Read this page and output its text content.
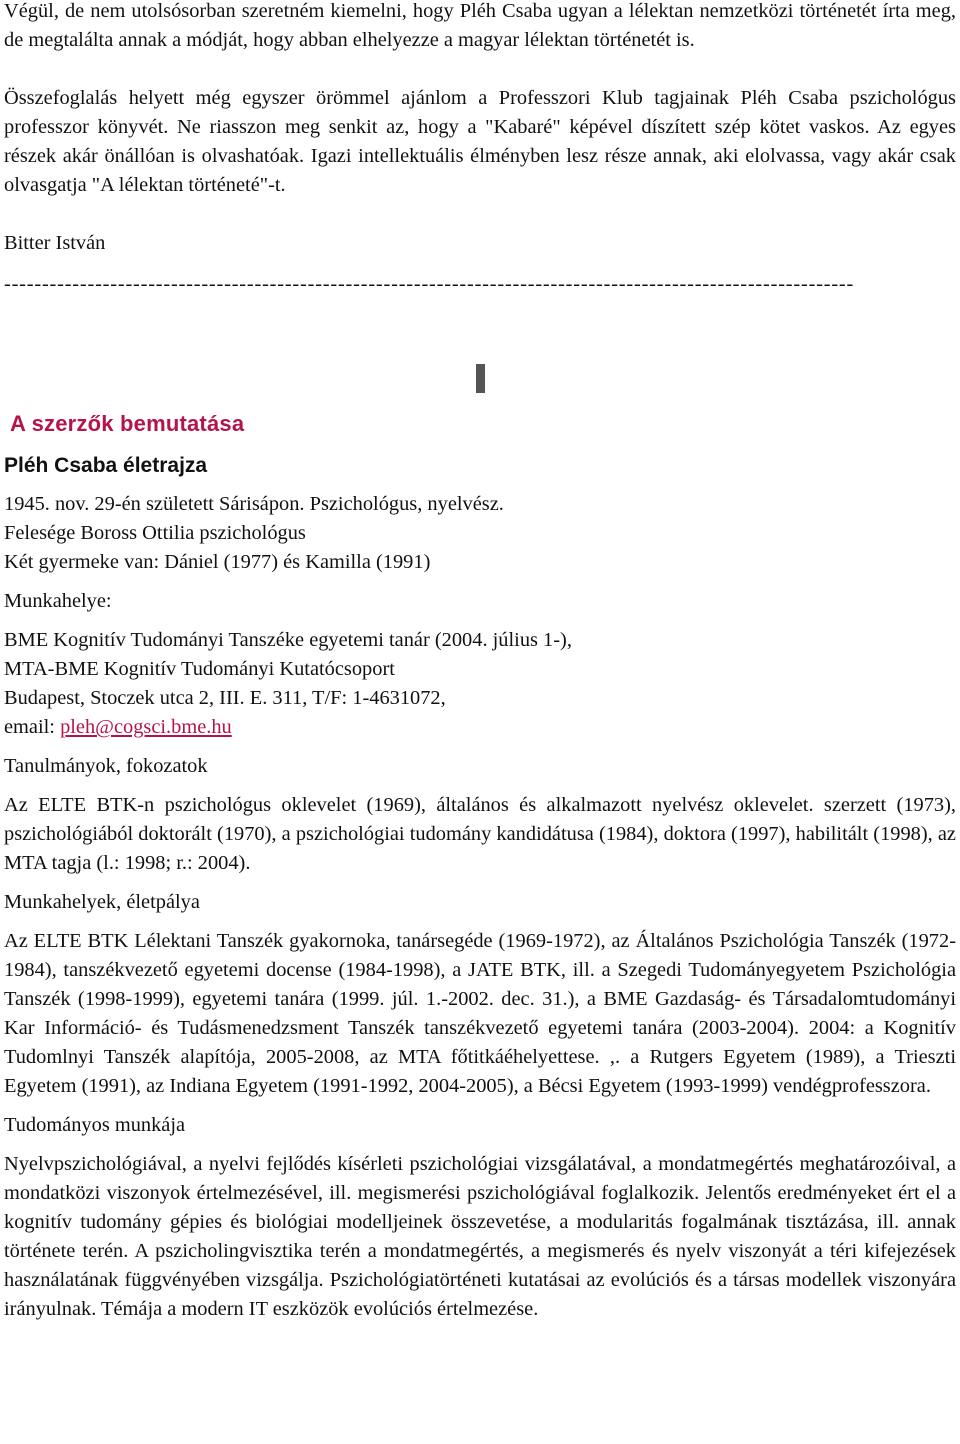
Végül, de nem utolsósorban szeretném kiemelni, hogy Pléh Csaba ugyan a lélektan nemzetközi történetét írta meg, de megtalálta annak a módját, hogy abban elhelyezze a magyar lélektan történetét is.

Összefoglalás helyett még egyszer örömmel ajánlom a Professzori Klub tagjainak Pléh Csaba pszichológus professzor könyvét. Ne riasszon meg senkit az, hogy a "Kabaré" képével díszített szép kötet vaskos. Az egyes részek akár önállóan is olvashatóak. Igazi intellektuális élményben lesz része annak, aki elolvassa, vagy akár csak olvasgatja "A lélektan történeté"-t.

Bitter István

----------------------------------------------------------------------------------------------------------------

A szerzők bemutatása
Pléh Csaba életrajza

1945. nov. 29-én született Sárisápon. Pszichológus, nyelvész.

Felesége Boross Ottilia pszichológus

Két gyermeke van: Dániel (1977) és Kamilla (1991)

Munkahelye:

BME Kognitív Tudományi Tanszéke egyetemi tanár (2004. július 1-),

MTA-BME Kognitív Tudományi Kutatócsoport

Budapest, Stoczek utca 2, III. E. 311, T/F: 1-4631072,

email: pleh@cogsci.bme.hu

Tanulmányok, fokozatok

Az ELTE BTK-n pszichológus oklevelet (1969), általános és alkalmazott nyelvész oklevelet. szerzett (1973), pszichológiából doktorált (1970), a pszichológiai tudomány kandidátusa (1984), doktora (1997), habilitált (1998), az MTA tagja (l.: 1998; r.: 2004).

Munkahelyek, életpálya

Az ELTE BTK Lélektani Tanszék gyakornoka, tanársegéde (1969-1972), az Általános Pszichológia Tanszék (1972-1984), tanszékvezető egyetemi docense (1984-1998), a JATE BTK, ill. a Szegedi Tudományegyetem Pszichológia Tanszék (1998-1999), egyetemi tanára (1999. júl. 1.-2002. dec. 31.), a BME Gazdaság- és Társadalomtudományi Kar Információ- és Tudásmenedzsment Tanszék tanszékvezető egyetemi tanára (2003-2004). 2004: a Kognitív Tudomlnyi Tanszék alapítója, 2005-2008, az MTA főtitkáéhelyettese. ,. a Rutgers Egyetem (1989), a Trieszti Egyetem (1991), az Indiana Egyetem (1991-1992, 2004-2005), a Bécsi Egyetem (1993-1999) vendégprofesszora.

Tudományos munkája

Nyelvpszichológiával, a nyelvi fejlődés kísérleti pszichológiai vizsgálatával, a mondatmegértés meghatározóival, a mondatközi viszonyok értelmezésével, ill. megismerési pszichológiával foglalkozik. Jelentős eredményeket ért el a kognitív tudomány gépies és biológiai modelljeinek összevetése, a modularitás fogalmának tisztázása, ill. annak története terén. A pszicholingvisztika terén a mondatmegértés, a megismerés és nyelv viszonyát a téri kifejezések használatának függvényében vizsgálja. Pszichológiatörténeti kutatásai az evolúciós és a társas modellek viszonyára irányulnak. Témája a modern IT eszközök evolúciós értelmezése.
